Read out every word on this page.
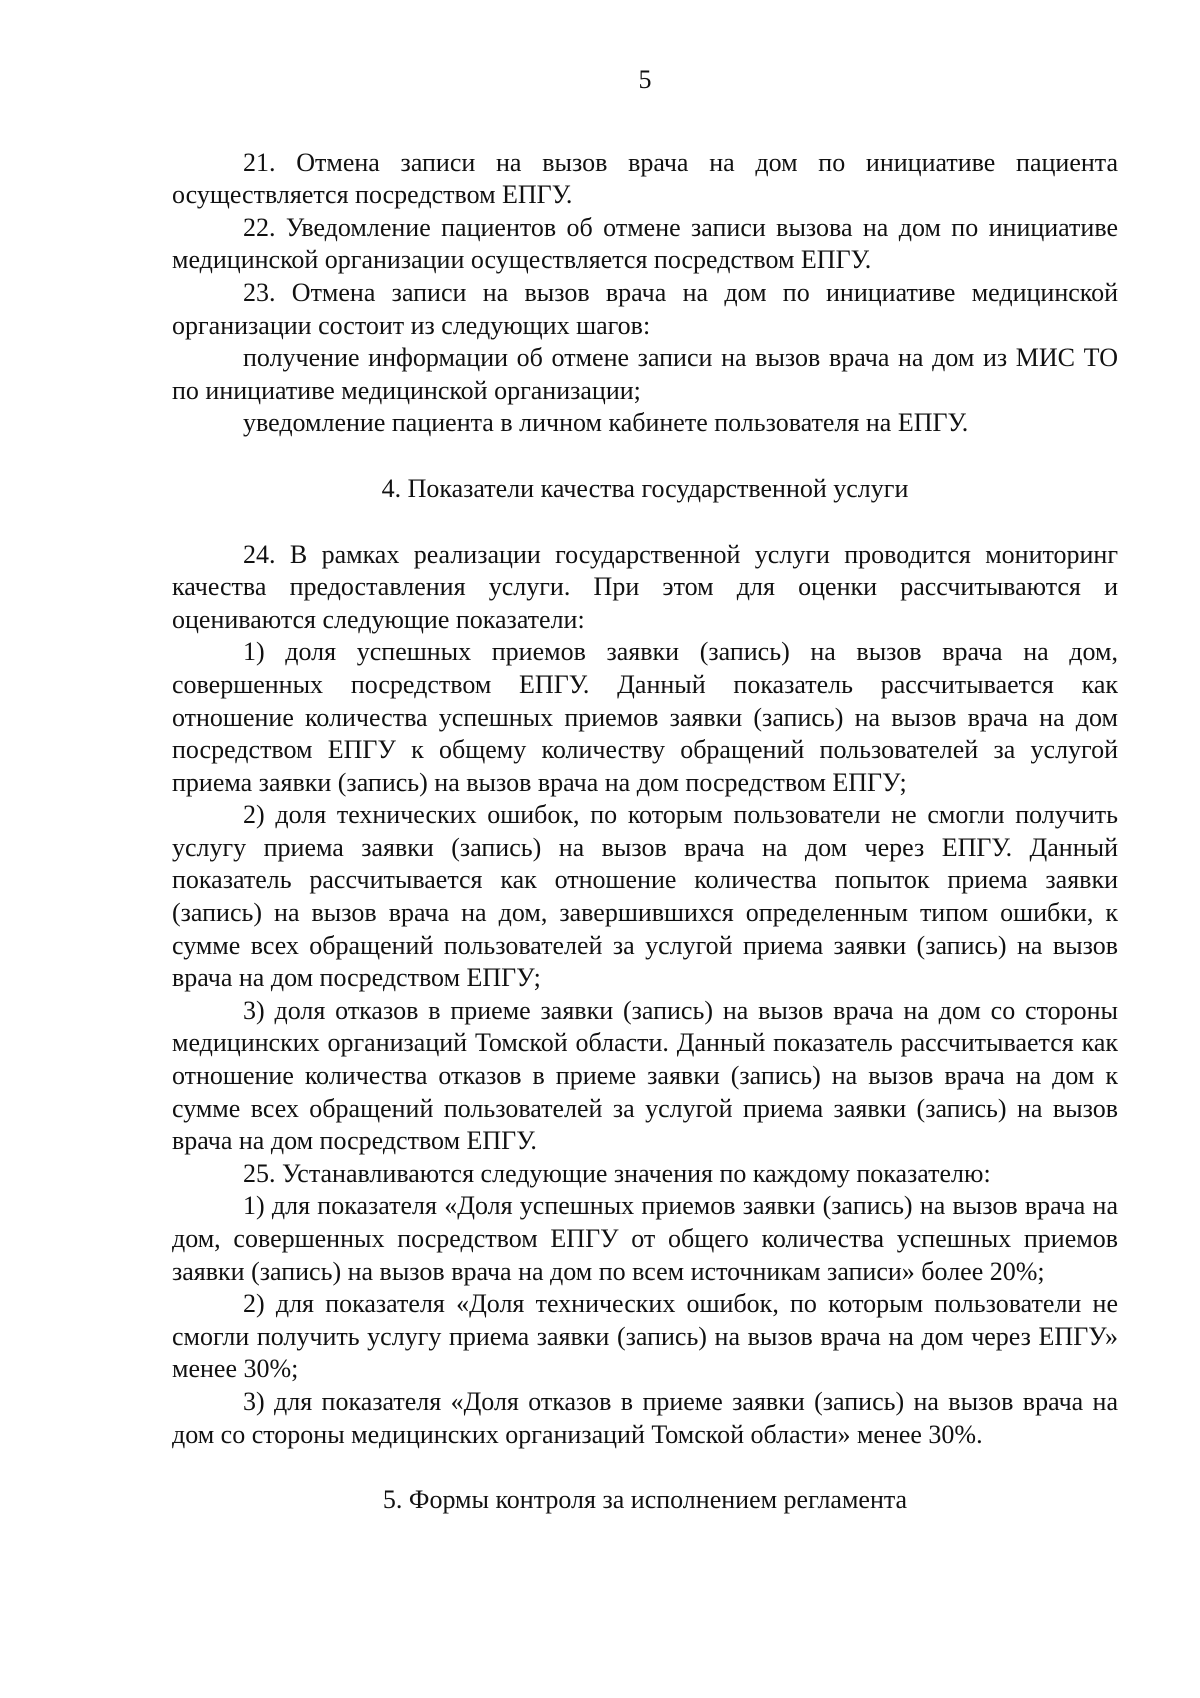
5

21. Отмена записи на вызов врача на дом по инициативе пациента осуществляется посредством ЕПГУ.

22. Уведомление пациентов об отмене записи вызова на дом по инициативе медицинской организации осуществляется посредством ЕПГУ.

23. Отмена записи на вызов врача на дом по инициативе медицинской организации состоит из следующих шагов:

получение информации об отмене записи на вызов врача на дом из МИС ТО по инициативе медицинской организации;

уведомление пациента в личном кабинете пользователя на ЕПГУ.

4. Показатели качества государственной услуги

24. В рамках реализации государственной услуги проводится мониторинг качества предоставления услуги. При этом для оценки рассчитываются и оцениваются следующие показатели:

1) доля успешных приемов заявки (запись) на вызов врача на дом, совершенных посредством ЕПГУ. Данный показатель рассчитывается как отношение количества успешных приемов заявки (запись) на вызов врача на дом посредством ЕПГУ к общему количеству обращений пользователей за услугой приема заявки (запись) на вызов врача на дом посредством ЕПГУ;

2) доля технических ошибок, по которым пользователи не смогли получить услугу приема заявки (запись) на вызов врача на дом через ЕПГУ. Данный показатель рассчитывается как отношение количества попыток приема заявки (запись) на вызов врача на дом, завершившихся определенным типом ошибки, к сумме всех обращений пользователей за услугой приема заявки (запись) на вызов врача на дом посредством ЕПГУ;

3) доля отказов в приеме заявки (запись) на вызов врача на дом со стороны медицинских организаций Томской области. Данный показатель рассчитывается как отношение количества отказов в приеме заявки (запись) на вызов врача на дом к сумме всех обращений пользователей за услугой приема заявки (запись) на вызов врача на дом посредством ЕПГУ.

25. Устанавливаются следующие значения по каждому показателю:

1) для показателя «Доля успешных приемов заявки (запись) на вызов врача на дом, совершенных посредством ЕПГУ от общего количества успешных приемов заявки (запись) на вызов врача на дом по всем источникам записи» более 20%;

2) для показателя «Доля технических ошибок, по которым пользователи не смогли получить услугу приема заявки (запись) на вызов врача на дом через ЕПГУ» менее 30%;

3) для показателя «Доля отказов в приеме заявки (запись) на вызов врача на дом со стороны медицинских организаций Томской области» менее 30%.

5. Формы контроля за исполнением регламента
